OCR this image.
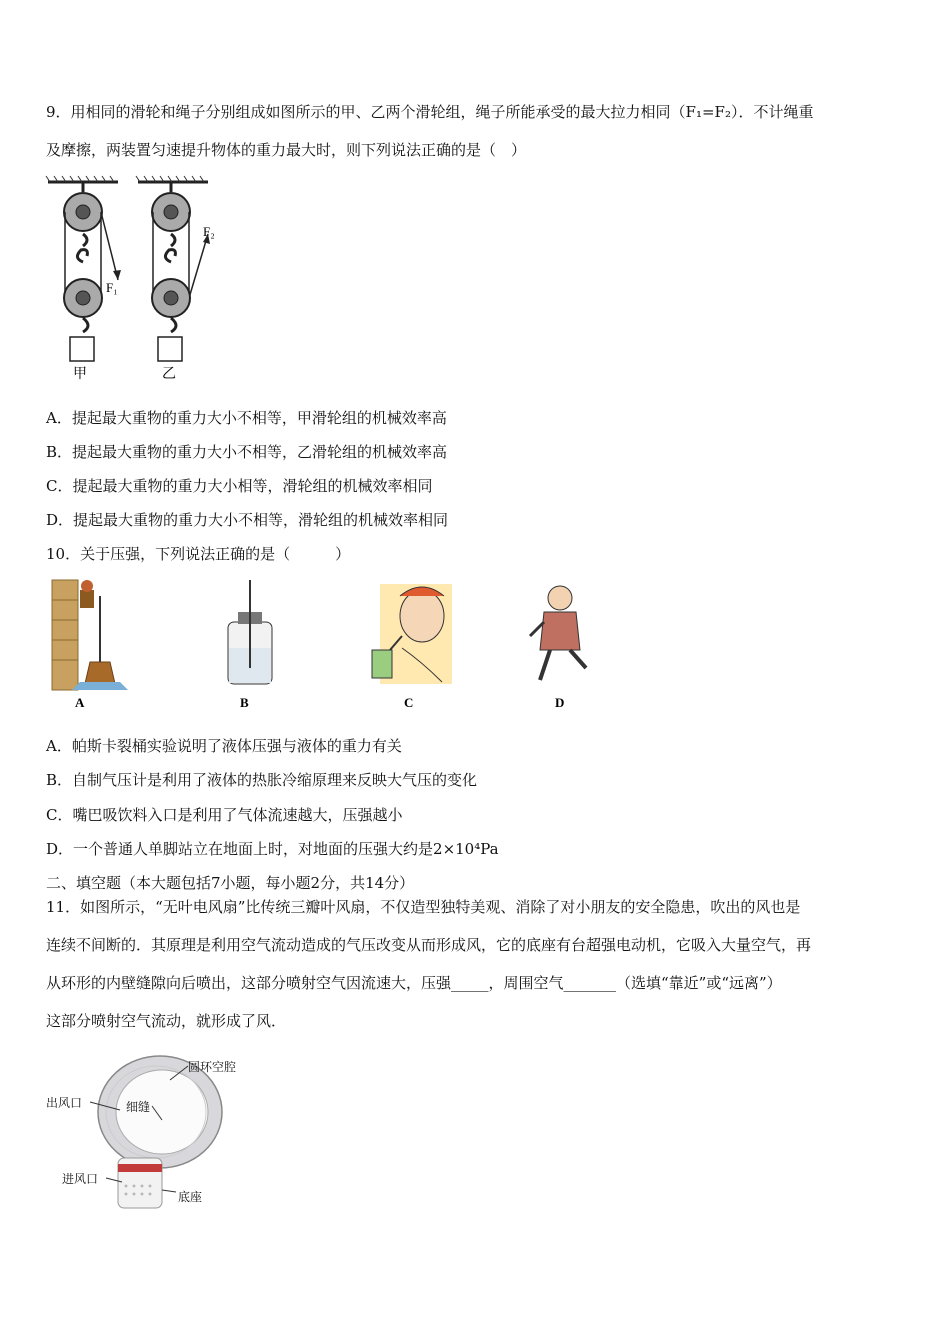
9．用相同的滑轮和绳子分别组成如图所示的甲、乙两个滑轮组，绳子所能承受的最大拉力相同（F₁=F₂）．不计绳重
及摩擦，两装置匀速提升物体的重力最大时，则下列说法正确的是（　）
F₁
F₂
甲	乙
A．提起最大重物的重力大小不相等，甲滑轮组的机械效率高
B．提起最大重物的重力大小不相等，乙滑轮组的机械效率高
C．提起最大重物的重力大小相等，滑轮组的机械效率相同
D．提起最大重物的重力大小不相等，滑轮组的机械效率相同
10．关于压强，下列说法正确的是（　　　）
A	B	C	D
A．帕斯卡裂桶实验说明了液体压强与液体的重力有关
B．自制气压计是利用了液体的热胀冷缩原理来反映大气压的变化
C．嘴巴吸饮料入口是利用了气体流速越大，压强越小
D．一个普通人单脚站立在地面上时，对地面的压强大约是2×10⁴Pa
二、填空题（本大题包括7小题，每小题2分，共14分）
11．如图所示，“无叶电风扇”比传统三瓣叶风扇，不仅造型独特美观、消除了对小朋友的安全隐患，吹出的风也是
连续不间断的．其原理是利用空气流动造成的气压改变从而形成风，它的底座有台超强电动机，它吸入大量空气，再
从环形的内壁缝隙向后喷出，这部分喷射空气因流速大，压强_____，周围空气_______（选填“靠近”或“远离”）
这部分喷射空气流动，就形成了风．
圆环空腔
出风口	细缝
进风口
底座
